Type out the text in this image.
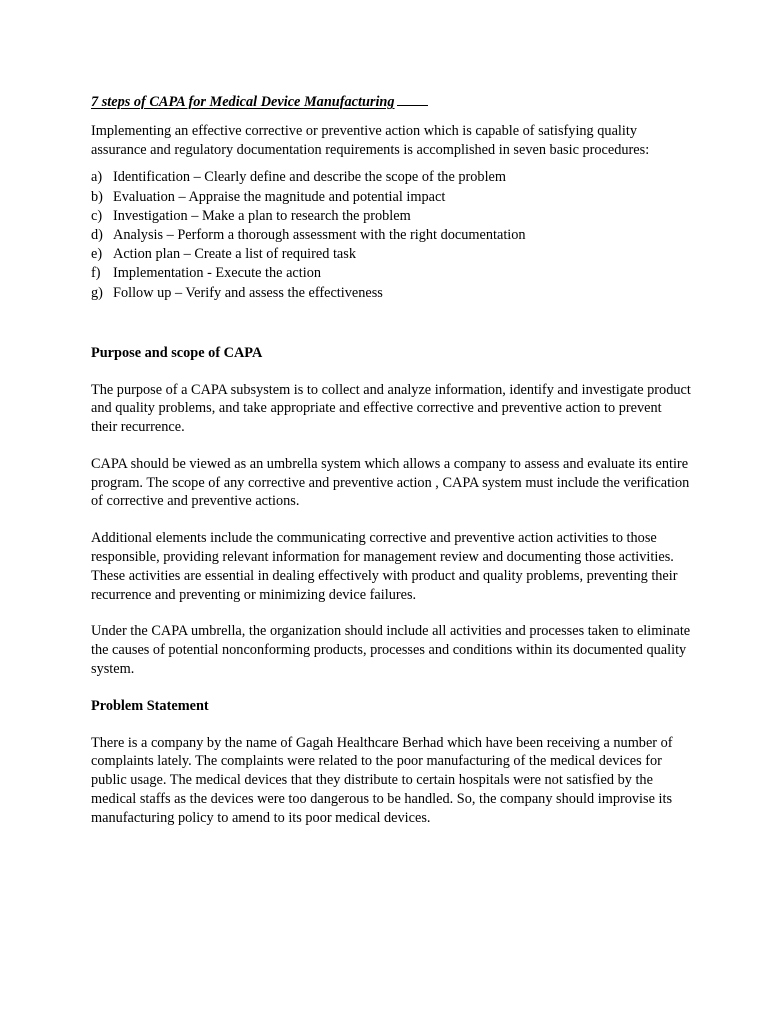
7 steps of CAPA for Medical Device Manufacturing

Implementing an effective corrective or preventive action which is capable of satisfying quality assurance and regulatory documentation requirements is accomplished in seven basic procedures:

a) Identification – Clearly define and describe the scope of the problem
b) Evaluation – Appraise the magnitude and potential impact
c) Investigation – Make a plan to research the problem
d) Analysis – Perform a thorough assessment with the right documentation
e) Action plan – Create a list of required task
f) Implementation - Execute the action
g) Follow up – Verify and assess the effectiveness

Purpose and scope of CAPA

The purpose of a CAPA subsystem is to collect and analyze information, identify and investigate product and quality problems, and take appropriate and effective corrective and preventive action to prevent their recurrence.

CAPA should be viewed as an umbrella system which allows a company to assess and evaluate its entire program. The scope of any corrective and preventive action , CAPA system must include the verification of corrective and preventive actions.

Additional elements include the communicating corrective and preventive action activities to those responsible, providing relevant information for management review and documenting those activities. These activities are essential in dealing effectively with product and quality problems, preventing their recurrence and preventing or minimizing device failures.

Under the CAPA umbrella, the organization should include all activities and processes taken to eliminate the causes of potential nonconforming products, processes and conditions within its documented quality system.

Problem Statement

There is a company by the name of Gagah Healthcare Berhad which have been receiving a number of complaints lately. The complaints were related to the poor manufacturing of the medical devices for public usage. The medical devices that they distribute to certain hospitals were not satisfied by the medical staffs as the devices were too dangerous to be handled. So, the company should improvise its manufacturing policy to amend to its poor medical devices.
